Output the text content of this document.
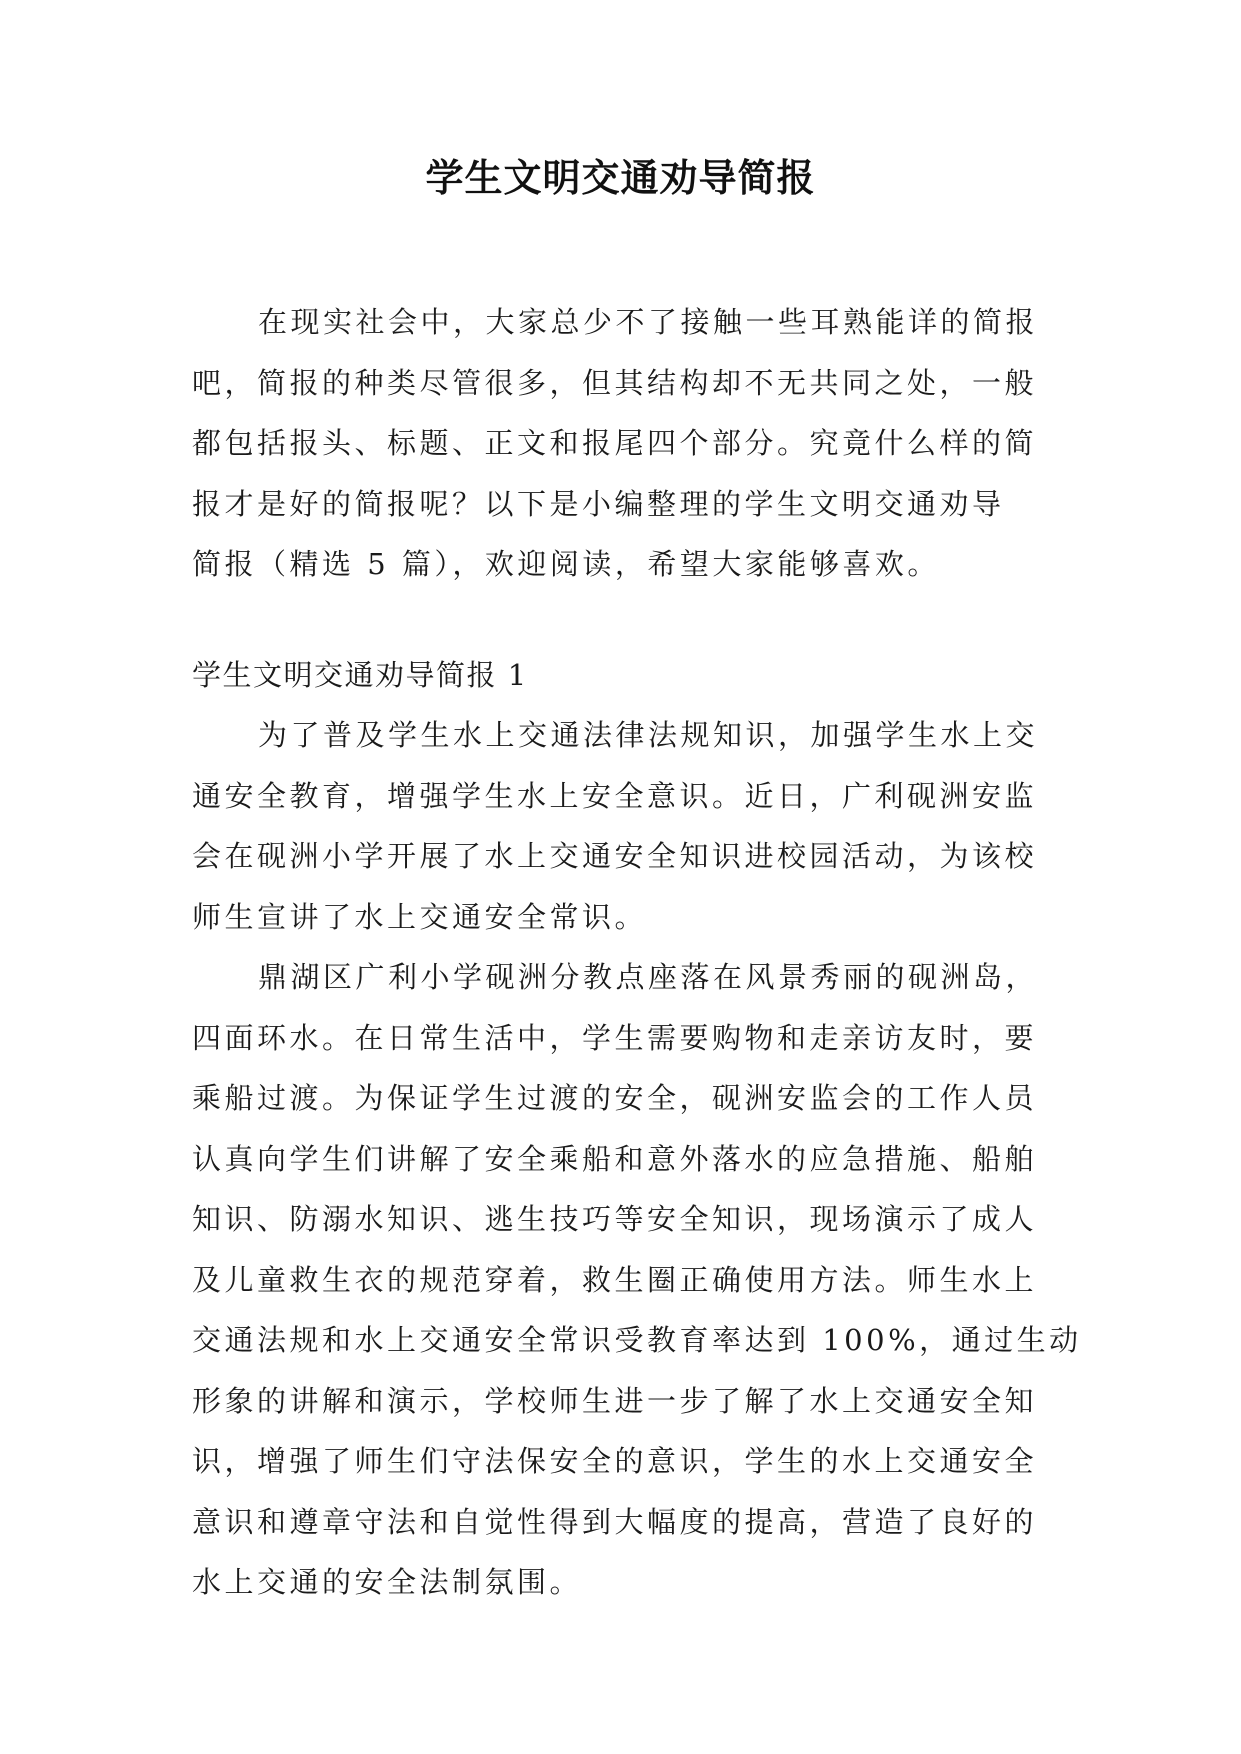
学生文明交通劝导简报
在现实社会中，大家总少不了接触一些耳熟能详的简报
吧，简报的种类尽管很多，但其结构却不无共同之处，一般
都包括报头、标题、正文和报尾四个部分。究竟什么样的简
报才是好的简报呢？以下是小编整理的学生文明交通劝导
简报（精选 5 篇），欢迎阅读，希望大家能够喜欢。
学生文明交通劝导简报 1
为了普及学生水上交通法律法规知识，加强学生水上交
通安全教育，增强学生水上安全意识。近日，广利砚洲安监
会在砚洲小学开展了水上交通安全知识进校园活动，为该校
师生宣讲了水上交通安全常识。
鼎湖区广利小学砚洲分教点座落在风景秀丽的砚洲岛，
四面环水。在日常生活中，学生需要购物和走亲访友时，要
乘船过渡。为保证学生过渡的安全，砚洲安监会的工作人员
认真向学生们讲解了安全乘船和意外落水的应急措施、船舶
知识、防溺水知识、逃生技巧等安全知识，现场演示了成人
及儿童救生衣的规范穿着，救生圈正确使用方法。师生水上
交通法规和水上交通安全常识受教育率达到 100%，通过生动
形象的讲解和演示，学校师生进一步了解了水上交通安全知
识，增强了师生们守法保安全的意识，学生的水上交通安全
意识和遵章守法和自觉性得到大幅度的提高，营造了良好的
水上交通的安全法制氛围。
